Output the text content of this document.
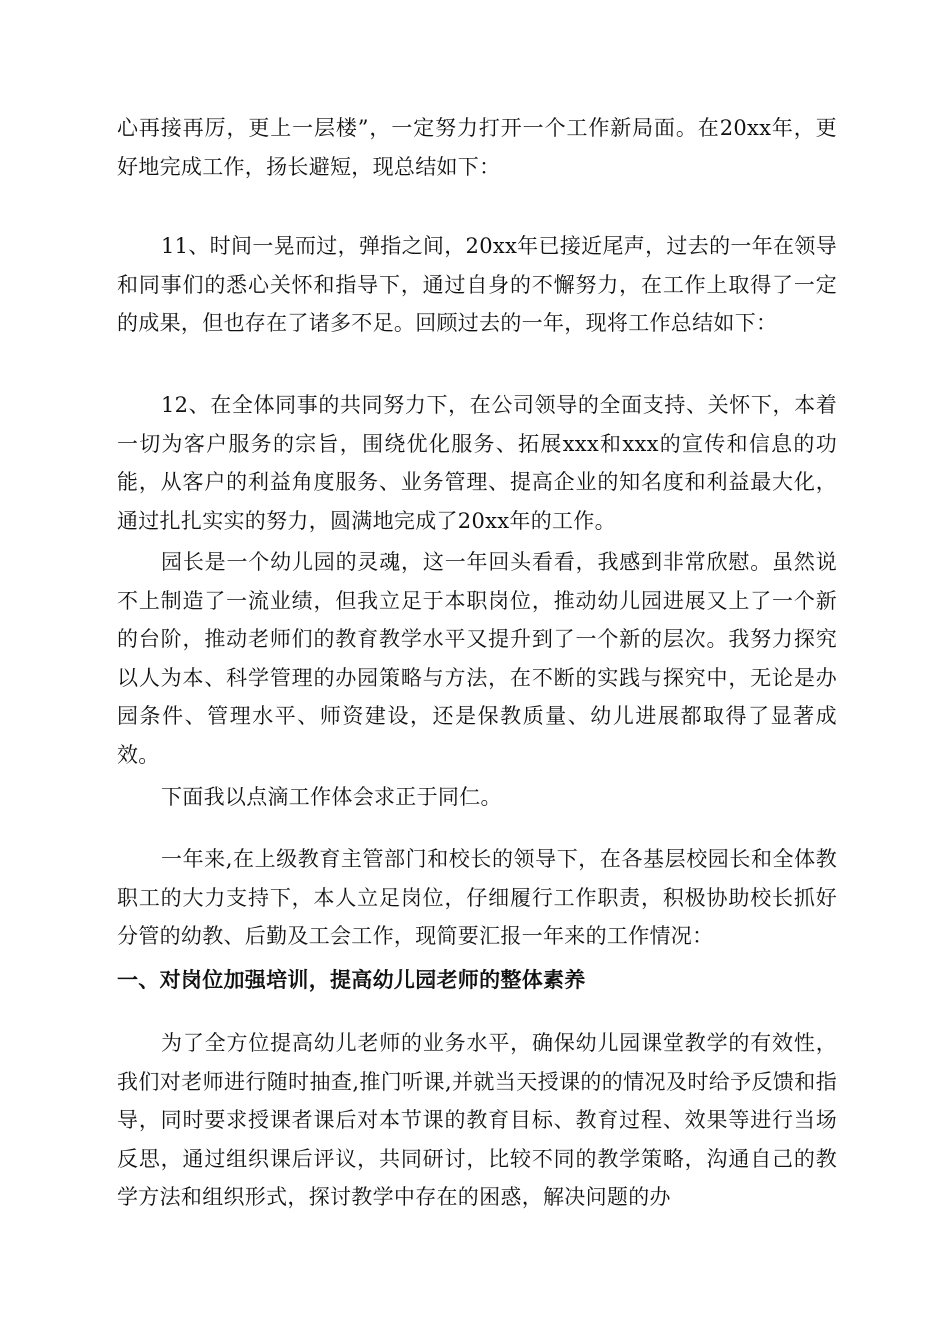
心再接再厉，更上一层楼”，一定努力打开一个工作新局面。在20xx年，更好地完成工作，扬长避短，现总结如下：

11、时间一晃而过，弹指之间，20xx年已接近尾声，过去的一年在领导和同事们的悉心关怀和指导下，通过自身的不懈努力，在工作上取得了一定的成果，但也存在了诸多不足。回顾过去的一年，现将工作总结如下：

12、在全体同事的共同努力下，在公司领导的全面支持、关怀下，本着一切为客户服务的宗旨，围绕优化服务、拓展xxx和xxx的宣传和信息的功能，从客户的利益角度服务、业务管理、提高企业的知名度和利益最大化，通过扎扎实实的努力，圆满地完成了20xx年的工作。

园长是一个幼儿园的灵魂，这一年回头看看，我感到非常欣慰。虽然说不上制造了一流业绩，但我立足于本职岗位，推动幼儿园进展又上了一个新的台阶，推动老师们的教育教学水平又提升到了一个新的层次。我努力探究以人为本、科学管理的办园策略与方法，在不断的实践与探究中，无论是办园条件、管理水平、师资建设，还是保教质量、幼儿进展都取得了显著成效。

下面我以点滴工作体会求正于同仁。

一年来,在上级教育主管部门和校长的领导下，在各基层校园长和全体教职工的大力支持下，本人立足岗位，仔细履行工作职责，积极协助校长抓好分管的幼教、后勤及工会工作，现简要汇报一年来的工作情况：

一、对岗位加强培训，提高幼儿园老师的整体素养

为了全方位提高幼儿老师的业务水平，确保幼儿园课堂教学的有效性，我们对老师进行随时抽查,推门听课,并就当天授课的的情况及时给予反馈和指导，同时要求授课者课后对本节课的教育目标、教育过程、效果等进行当场反思，通过组织课后评议，共同研讨，比较不同的教学策略，沟通自己的教学方法和组织形式，探讨教学中存在的困惑，解决问题的办
